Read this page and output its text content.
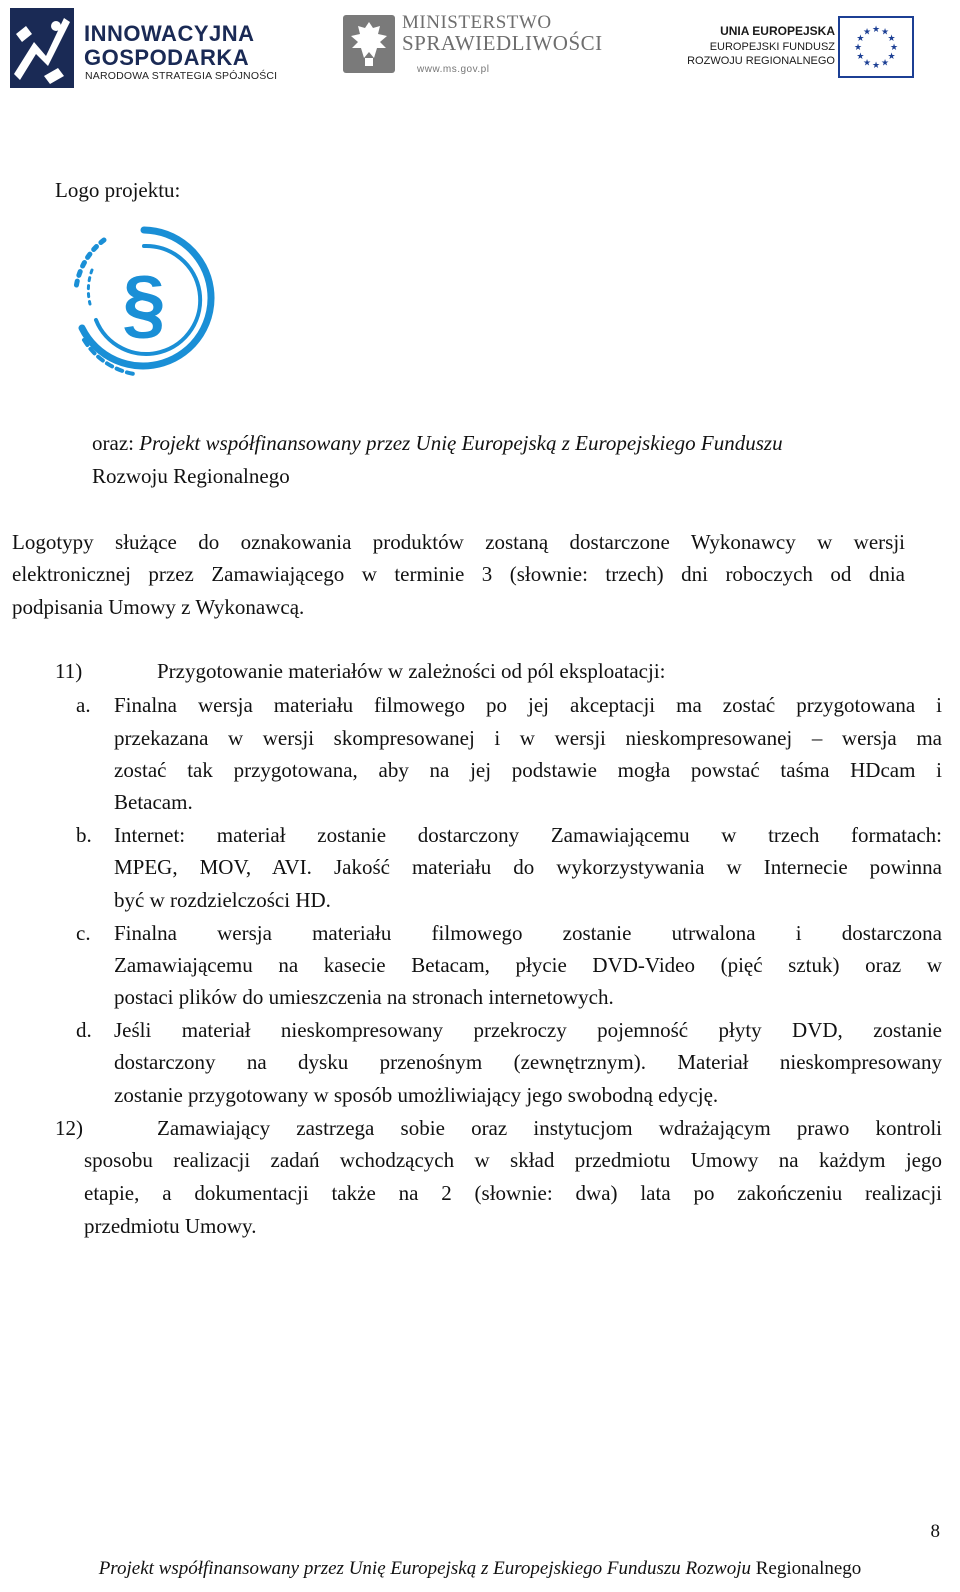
INNOWACYJNA
GOSPODARKA
NARODOWA STRATEGIA SPÓJNOŚCI
MINISTERSTWO
SPRAWIEDLIWOŚCI
www.ms.gov.pl
UNIA EUROPEJSKA
EUROPEJSKI FUNDUSZ
ROZWOJU REGIONALNEGO
★ ★
★
★
★
★
★
★
★
★
★
★
Logo projektu:
§
oraz: Projekt współfinansowany przez Unię Europejską z Europejskiego Funduszu
Rozwoju Regionalnego
Logotypy służące do oznakowania produktów zostaną dostarczone Wykonawcy w wersji
elektronicznej przez Zamawiającego w terminie 3 (słownie: trzech) dni roboczych od dnia
podpisania Umowy z Wykonawcą.
11)	Przygotowanie materiałów w zależności od pól eksploatacji:
a. Finalna wersja materiału filmowego po jej akceptacji ma zostać przygotowana i
przekazana w wersji skompresowanej i w wersji nieskompresowanej – wersja ma
zostać tak przygotowana, aby na jej podstawie mogła powstać taśma HDcam i
Betacam.
b. Internet: materiał zostanie dostarczony Zamawiającemu w trzech formatach:
MPEG, MOV, AVI. Jakość materiału do wykorzystywania w Internecie powinna
być w rozdzielczości HD.
c. Finalna wersja materiału filmowego zostanie utrwalona i dostarczona
Zamawiającemu na kasecie Betacam, płycie DVD-Video (pięć sztuk) oraz w
postaci plików do umieszczenia na stronach internetowych.
d. Jeśli materiał nieskompresowany przekroczy pojemność płyty DVD, zostanie
dostarczony na dysku przenośnym (zewnętrznym). Materiał nieskompresowany
zostanie przygotowany w sposób umożliwiający jego swobodną edycję.
12)	Zamawiający zastrzega sobie oraz instytucjom wdrażającym prawo kontroli
sposobu realizacji zadań wchodzących w skład przedmiotu Umowy na każdym jego
etapie, a dokumentacji także na 2 (słownie: dwa) lata po zakończeniu realizacji
przedmiotu Umowy.
8
Projekt współfinansowany przez Unię Europejską z Europejskiego Funduszu Rozwoju Regionalnego
